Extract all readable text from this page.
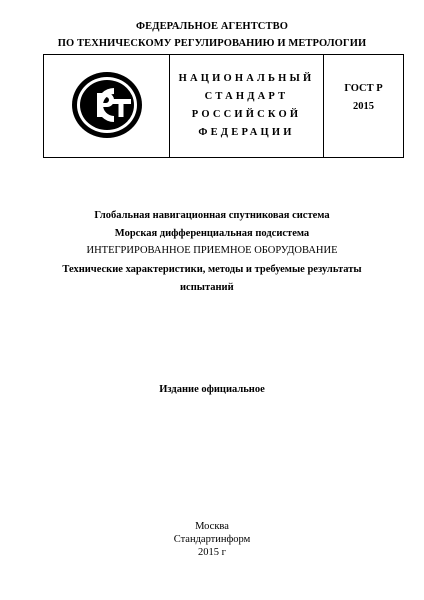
ФЕДЕРАЛЬНОЕ АГЕНТСТВО
ПО ТЕХНИЧЕСКОМУ РЕГУЛИРОВАНИЮ И МЕТРОЛОГИИ
НАЦИОНАЛЬНЫЙ
СТАНДАРТ
РОССИЙСКОЙ
ФЕДЕРАЦИИ
ГОСТ Р
2015
Глобальная навигационная спутниковая система
Морская дифференциальная подсистема
ИНТЕГРИРОВАННОЕ ПРИЕМНОЕ ОБОРУДОВАНИЕ
Технические характеристики, методы и требуемые результаты
испытаний
Издание официальное
Москва
Стандартинформ
2015 г
